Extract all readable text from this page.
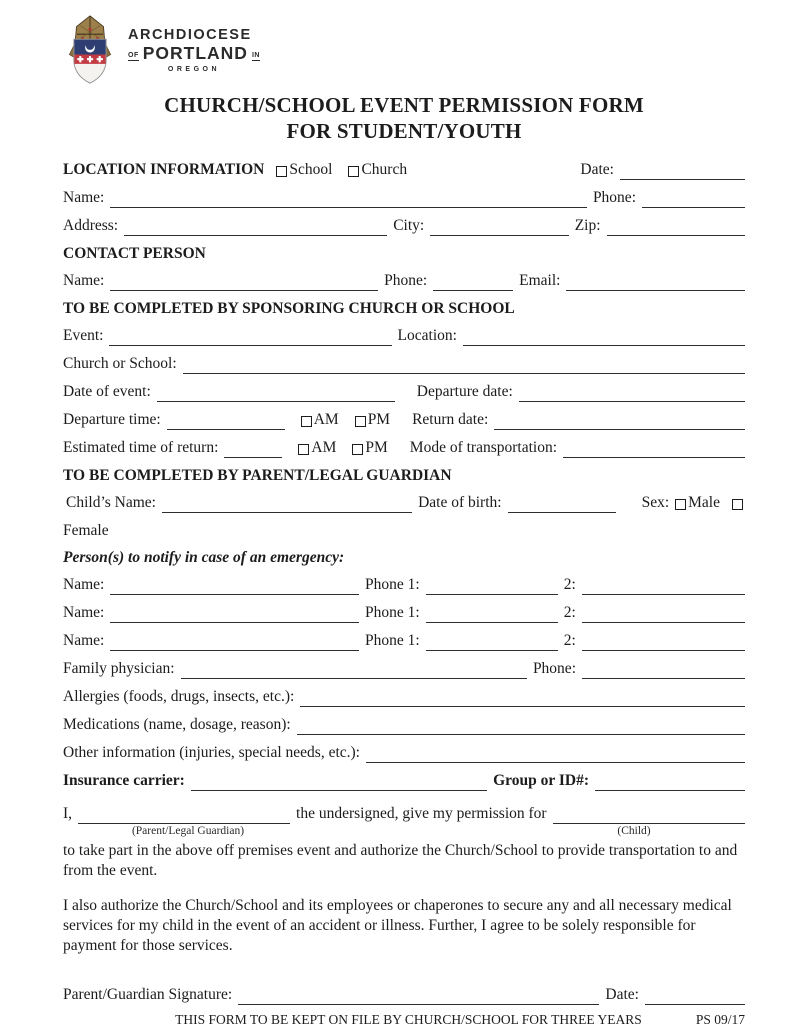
ARCHDIOCESE
OF PORTLAND IN
OREGON
CHURCH/SCHOOL EVENT PERMISSION FORM
FOR STUDENT/YOUTH
LOCATION INFORMATION School Church	Date:
Name:	Phone:
Address:	City:	Zip:
CONTACT PERSON
Name:	Phone:	Email:
TO BE COMPLETED BY SPONSORING CHURCH OR SCHOOL
Event:	Location:
Church or School:
Date of event:	Departure date:
Departure time:	AM PM Return date:
Estimated time of return:	AM PM Mode of transportation:
TO BE COMPLETED BY PARENT/LEGAL GUARDIAN
Child’s Name:	Date of birth:	Sex: Male
Female
Person(s) to notify in case of an emergency:
Name:	Phone 1:	2:
Name:	Phone 1:	2:
Name:	Phone 1:	2:
Family physician:	Phone:
Allergies (foods, drugs, insects, etc.):
Medications (name, dosage, reason):
Other information (injuries, special needs, etc.):
Insurance carrier:	Group or ID#:
I,	the undersigned, give my permission for
(Parent/Legal Guardian)	(Child)
to take part in the above off premises event and authorize the Church/School to provide transportation to and from the event.
I also authorize the Church/School and its employees or chaperones to secure any and all necessary medical services for my child in the event of an accident or illness. Further, I agree to be solely responsible for payment for those services.
Parent/Guardian Signature:	Date:
THIS FORM TO BE KEPT ON FILE BY CHURCH/SCHOOL FOR THREE YEARS	PS 09/17
